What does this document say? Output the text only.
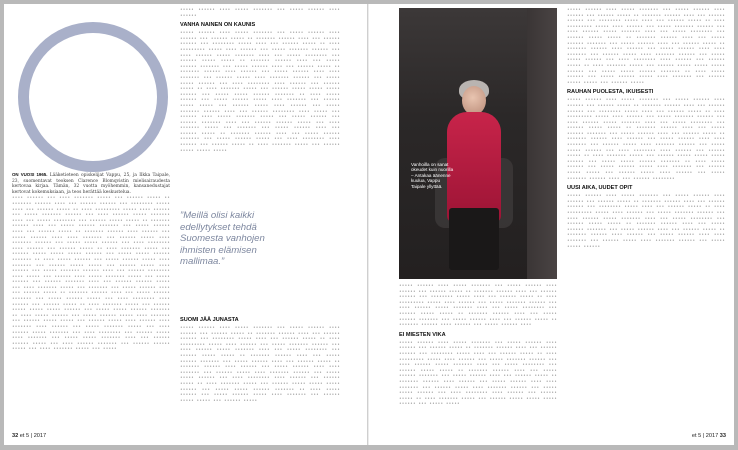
ON VUOSI 1965. Lääketieteen opiskelijat Vappu, 25, ja Ilkka Taipale, 23, suomentavat teoksen Clarence Blomqvistin mielisairaudesta kertovaa kirjaa. Tämän, 32 vuotta myöhemmin, kansanedustajat kertovat kokemuksiaan, ja teos herättää keskustelua.

•••• •••••• ••• •••• ••••••• ••••• ••• •••••• ••••• •• ••••••• •••••• •••• ••• •••••• •••••• ••• •••••••• ••••• •••• ••• •••••• ••••• •• •••• ••••••••• ••••• •••• •••••• ••• ••••• ••••••• •••••• ••• •••• •••••• ••••• ••••••• •••• ••• ••••• •••••••• ••• •••••• ••••• ••••• •• ••••••• •••••• •••• ••• ••••• •••••• ••••••• ••• ••••• •••••• •••• ••• •••••• ••••• •• ••••••• •••••• •••• •••••• ••• ••••• •••••• •••• •••• ••••••• ••• •••••• ••••• •••• ••••••• •••••• ••• ••••• ••••• •••••• ••• •••• •••••••• •••• •••••• ••• •••••• ••••• •• •••• ••••••• ••••• ••• •••••• ••••• ••••• ••••• •••••• ••• ••••• ••••• •••••• ••••••• •• •••• ••••• •••••• ••• ••••• •••••• ••••• •••• ••••••• ••• •••••• ••••• ••••• ••• •••••• ••••• •••• •••••• ••• ••••• ••••••• •••••• •••• ••• •••••• •••••••• •••• ••••• ••• •••••• •••• ••••• ••••••• ••••• ••• ••••• •••••• ••• •••••• ••••••• •••• ••• •••••• •••••• ••••• ••• •••• ••••••• ••••• ••• ••••••• ••• ••••• •••••• •••• ••• •••••• ••••• •• ••••••• •••••• •••• ••• ••••• •••••• ••••••• ••• ••••• •••••• ••••• ••• •••• •••••••• •••• •••••• ••• •••••• ••••• •• •••• ••••••• ••••• ••• •••••• ••••• ••••• ••••• •••••• ••• ••••• ••••• •••••• ••••••• •• •••• ••••• •••••• ••• ••••• •••••• ••••• •••• ••••••• ••• •••••• ••••• ••••• ••• •••••• ••••• •••• •••••• •••• ••••••• •••• •••••• ••• ••••• ••••••• ••••• ••• •••• •••••• ••••• ••••••• ••• •••• •••••••• ••• •••••• ••••• •••• ••••••• ••• ••••• ••••• ••••••• •••• ••• •••••• •••••• ••••• ••• •••• •••••• ••••••• ••• •••••• •••••• ••••• ••• •••• ••••••• ••••• ••• •••••

••••• •••••• •••• ••••• ••••••• ••• ••••• •••••• •••• ••••••

VANHA NAINEN ON KAUNIS

••••• •••••• •••• ••••• ••••••• ••• ••••• •••••• •••• •••••• ••• •••••• ••••• •• ••••••• •••••• •••• ••• •••••• •••••• ••• •••••••• ••••• •••• ••• •••••• ••••• •• •••• ••••••••• ••••• •••• •••••• ••• ••••• ••••••• •••••• ••• •••• •••••• ••••• ••••••• •••• ••• ••••• •••••••• ••• •••••• ••••• ••••• •• ••••••• •••••• •••• ••• ••••• •••••• ••••••• ••• ••••• •••••• •••• ••• •••••• ••••• •• ••••••• •••••• •••• •••••• ••• ••••• •••••• •••• •••• ••••••• ••• •••••• ••••• •••• ••••••• •••••• ••• ••••• ••••• •••••• ••• •••• •••••••• •••• •••••• ••• •••••• ••••• •• •••• ••••••• ••••• ••• •••••• ••••• ••••• ••••• •••••• ••• ••••• ••••• •••••• ••••••• •• •••• ••••• •••••• ••• ••••• •••••• ••••• •••• ••••••• ••• •••••• ••••• ••••• ••• •••••• ••••• •••• •••••• ••• ••••• ••••••• •••••• •••• ••• •••••• •••••••• •••• ••••• ••• •••••• •••• ••••• ••••••• ••••• ••• ••••• •••••• ••• •••••• ••••••• •••• ••• •••••• •••••• ••••• ••• •••• ••••••• ••••• ••• ••••••• ••• ••••• •••••• •••• ••• •••••• ••••• •• ••••••• •••••• •••• ••• ••••• •••••• ••••••• ••• ••••• •••••• ••••• ••• •••• •••••••• •••• •••••• ••• •••••• ••••• •• •••• ••••••• ••••• ••• •••••• ••••• ••••• •••••

”Meillä olisi kaikki edellytykset tehdä Suomesta vanhojen ihmisten elämisen mallimaa.”
SUOMI JÄÄ JUNASTA

••••• •••••• •••• ••••• ••••••• ••• ••••• •••••• •••• •••••• ••• •••••• ••••• •• ••••••• •••••• •••• ••• •••••• •••••• ••• •••••••• ••••• •••• ••• •••••• ••••• •• •••• ••••••••• ••••• •••• •••••• ••• ••••• ••••••• •••••• ••• •••• •••••• ••••• ••••••• •••• ••• ••••• •••••••• ••• •••••• ••••• ••••• •• ••••••• •••••• •••• ••• ••••• •••••• ••••••• ••• ••••• •••••• •••• ••• •••••• ••••• •• ••••••• •••••• •••• •••••• ••• ••••• •••••• •••• •••• ••••••• ••• •••••• ••••• •••• ••••••• •••••• ••• ••••• ••••• •••••• ••• •••• •••••••• •••• •••••• ••• •••••• ••••• •• •••• ••••••• ••••• ••• •••••• ••••• ••••• ••••• •••••• ••• ••••• ••••• •••••• ••••••• •• •••• ••••• •••••• ••• ••••• •••••• ••••• •••• ••••••• ••• •••••• ••••• ••••• ••• •••••• •••••

32 et 5 | 2017
Vanhoilla on sanat okeudet kuin nuorilla – Antakaa äänenne kuulua, Vappu Taipale yllyttää.

••••• •••••• •••• ••••• ••••••• ••• ••••• •••••• •••• •••••• ••• •••••• ••••• •• ••••••• •••••• •••• ••• •••••• •••••• ••• •••••••• ••••• •••• ••• •••••• ••••• •• •••• ••••••••• ••••• •••• •••••• ••• ••••• ••••••• •••••• ••• •••• •••••• ••••• ••••••• •••• ••• ••••• •••••••• ••• •••••• ••••• ••••• •• ••••••• •••••• •••• ••• ••••• •••••• ••••••• ••• ••••• •••••• •••• ••• •••••• ••••• •• ••••••• •••••• •••• •••••• ••• ••••• •••••• ••••

EI MIESTEN VIKA

••••• •••••• •••• ••••• ••••••• ••• ••••• •••••• •••• •••••• ••• •••••• ••••• •• ••••••• •••••• •••• ••• •••••• •••••• ••• •••••••• ••••• •••• ••• •••••• ••••• •• •••• ••••••••• ••••• •••• •••••• ••• ••••• ••••••• •••••• ••• •••• •••••• ••••• ••••••• •••• ••• ••••• •••••••• ••• •••••• ••••• ••••• •• ••••••• •••••• •••• ••• ••••• •••••• ••••••• ••• ••••• •••••• •••• ••• •••••• ••••• •• ••••••• •••••• •••• •••••• ••• ••••• •••••• •••• •••• ••••••• ••• •••••• ••••• •••• ••••••• •••••• ••• ••••• ••••• •••••• ••• •••• •••••••• •••• •••••• ••• •••••• ••••• •• •••• ••••••• ••••• ••• •••••• ••••• ••••• ••••• •••••• ••• ••••• •••••

••••• •••••• •••• ••••• ••••••• ••• ••••• •••••• •••• •••••• ••• •••••• ••••• •• ••••••• •••••• •••• ••• •••••• •••••• ••• •••••••• ••••• •••• ••• •••••• ••••• •• •••• ••••••••• ••••• •••• •••••• ••• ••••• ••••••• •••••• ••• •••• •••••• ••••• ••••••• •••• ••• ••••• •••••••• ••• •••••• ••••• ••••• •• ••••••• •••••• •••• ••• ••••• •••••• ••••••• ••• ••••• •••••• •••• ••• •••••• ••••• •• ••••••• •••••• •••• •••••• ••• ••••• •••••• •••• •••• ••••••• ••• •••••• ••••• •••• ••••••• •••••• ••• ••••• ••••• •••••• ••• •••• •••••••• •••• •••••• ••• •••••• ••••• •• •••• ••••••• ••••• ••• •••••• ••••• ••••• ••••• •••••• ••• ••••• ••••• •••••• ••••••• •• •••• ••••• •••••• ••• ••••• •••••• ••••• •••• ••••••• ••• •••••• ••••• ••••• ••• •••••• •••••

RAUHAN PUOLESTA, IKUISESTI

••••• •••••• •••• ••••• ••••••• ••• ••••• •••••• •••• •••••• ••• •••••• ••••• •• ••••••• •••••• •••• ••• •••••• •••••• ••• •••••••• ••••• •••• ••• •••••• ••••• •• •••• ••••••••• ••••• •••• •••••• ••• ••••• ••••••• •••••• ••• •••• •••••• ••••• ••••••• •••• ••• ••••• •••••••• ••• •••••• ••••• ••••• •• ••••••• •••••• •••• ••• ••••• •••••• ••••••• ••• ••••• •••••• •••• ••• •••••• ••••• •• ••••••• •••••• •••• •••••• ••• ••••• •••••• •••• •••• ••••••• ••• •••••• ••••• •••• ••••••• •••••• ••• ••••• ••••• •••••• ••• •••• •••••••• •••• •••••• ••• •••••• ••••• •• •••• ••••••• ••••• ••• •••••• ••••• ••••• ••••• •••••• ••• ••••• ••••• •••••• ••••••• •• •••• ••••• •••••• ••• ••••• •••••• ••••• •••• ••••••• ••• •••••• ••••• ••••• ••• •••••• ••••• •••• •••••• ••• ••••• ••••••• •••••• •••• ••• •••••• ••••••••

UUSI AIKA, UUDET OPIT

••••• •••••• •••• ••••• ••••••• ••• ••••• •••••• •••• •••••• ••• •••••• ••••• •• ••••••• •••••• •••• ••• •••••• •••••• ••• •••••••• ••••• •••• ••• •••••• ••••• •• •••• ••••••••• ••••• •••• •••••• ••• ••••• ••••••• •••••• ••• •••• •••••• ••••• ••••••• •••• ••• ••••• •••••••• ••• •••••• ••••• ••••• •• ••••••• •••••• •••• ••• ••••• •••••• ••••••• ••• ••••• •••••• •••• ••• •••••• ••••• •• ••••••• •••••• •••• •••••• ••• ••••• •••••• •••• •••• ••••••• ••• •••••• ••••• •••• ••••••• •••••• ••• ••••• ••••• ••••••

et 5 | 2017 33
